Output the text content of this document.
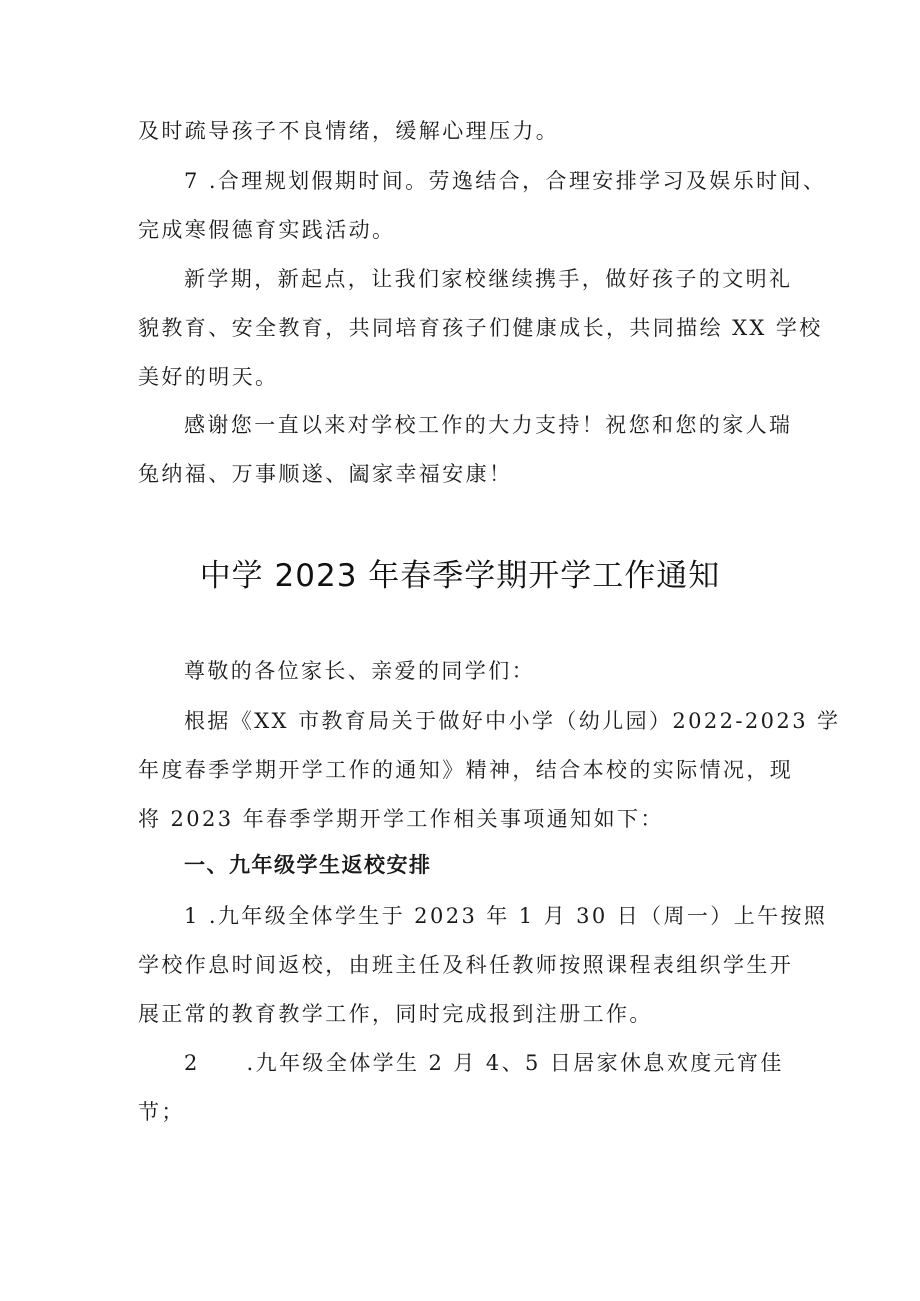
及时疏导孩子不良情绪，缓解心理压力。
7 .合理规划假期时间。劳逸结合，合理安排学习及娱乐时间、
完成寒假德育实践活动。
新学期，新起点，让我们家校继续携手，做好孩子的文明礼
貌教育、安全教育，共同培育孩子们健康成长，共同描绘 XX 学校
美好的明天。
感谢您一直以来对学校工作的大力支持！祝您和您的家人瑞
兔纳福、万事顺遂、阖家幸福安康！
中学 2023 年春季学期开学工作通知
尊敬的各位家长、亲爱的同学们：
根据《XX 市教育局关于做好中小学（幼儿园）2022-2023 学
年度春季学期开学工作的通知》精神，结合本校的实际情况，现
将 2023 年春季学期开学工作相关事项通知如下：
一、九年级学生返校安排
1 .九年级全体学生于 2023 年 1 月 30 日（周一）上午按照
学校作息时间返校，由班主任及科任教师按照课程表组织学生开
展正常的教育教学工作，同时完成报到注册工作。
2　　.九年级全体学生 2 月 4、5 日居家休息欢度元宵佳
节；
